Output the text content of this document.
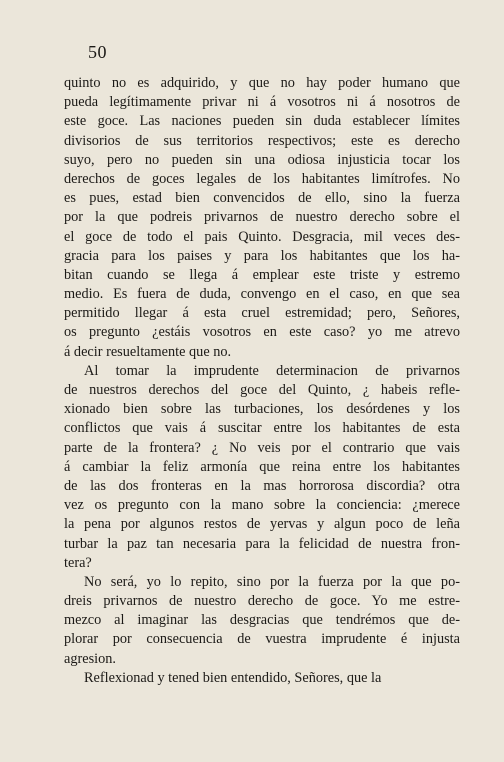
50
quinto no es adquirido, y que no hay poder humano que
pueda legítimamente privar ni á vosotros ni á nosotros de
este goce. Las naciones pueden sin duda establecer límites
divisorios de sus territorios respectivos; este es derecho
suyo, pero no pueden sin una odiosa injusticia tocar los
derechos de goces legales de los habitantes limítrofes. No
es pues, estad bien convencidos de ello, sino la fuerza
por la que podreis privarnos de nuestro derecho sobre el
el goce de todo el pais Quinto. Desgracia, mil veces des-
gracia para los paises y para los habitantes que los ha-
bitan cuando se llega á emplear este triste y estremo
medio. Es fuera de duda, convengo en el caso, en que sea
permitido llegar á esta cruel estremidad; pero, Señores,
os pregunto ¿estáis vosotros en este caso? yo me atrevo
á decir resueltamente que no.
Al tomar la imprudente determinacion de privarnos
de nuestros derechos del goce del Quinto, ¿ habeis refle-
xionado bien sobre las turbaciones, los desórdenes y los
conflictos que vais á suscitar entre los habitantes de esta
parte de la frontera? ¿ No veis por el contrario que vais
á cambiar la feliz armonía que reina entre los habitantes
de las dos fronteras en la mas horrorosa discordia? otra
vez os pregunto con la mano sobre la conciencia: ¿merece
la pena por algunos restos de yervas y algun poco de leña
turbar la paz tan necesaria para la felicidad de nuestra fron-
tera?
No será, yo lo repito, sino por la fuerza por la que po-
dreis privarnos de nuestro derecho de goce. Yo me estre-
mezco al imaginar las desgracias que tendrémos que de-
plorar por consecuencia de vuestra imprudente é injusta
agresion.
Reflexionad y tened bien entendido, Señores, que la
